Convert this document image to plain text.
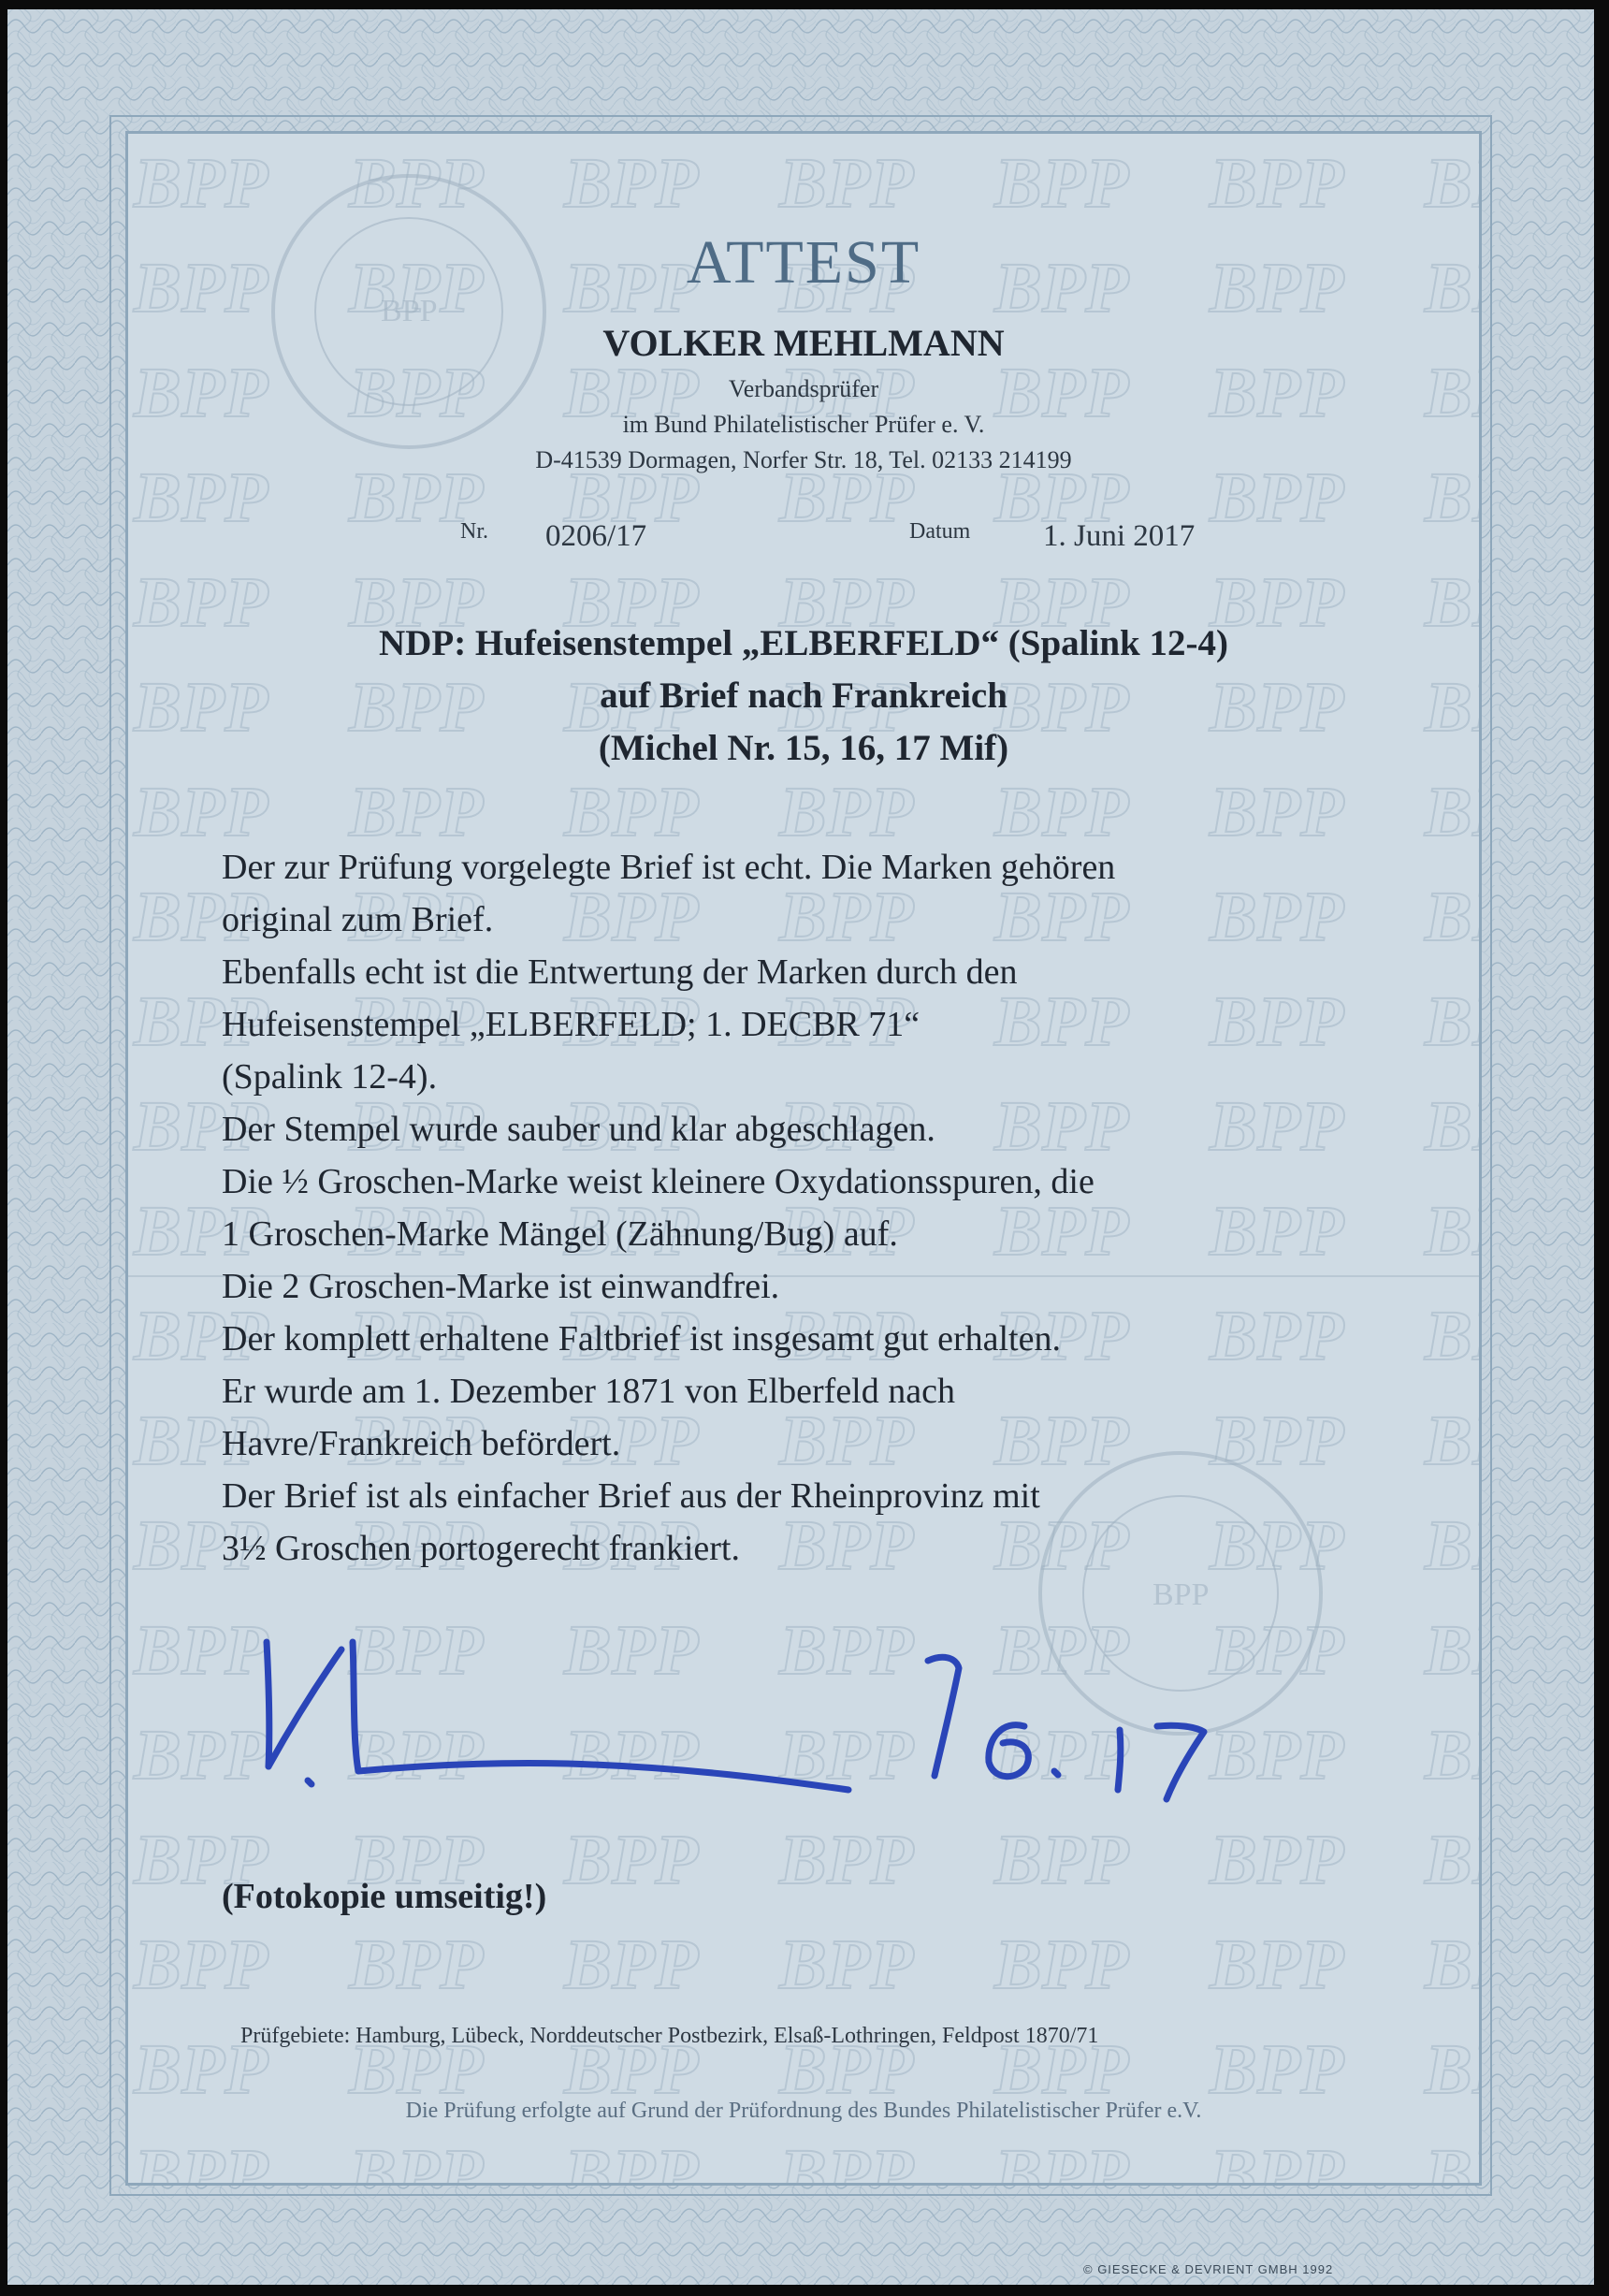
BPP
BPP
ATTEST
VOLKER MEHLMANN
Verbandsprüfer
im Bund Philatelistischer Prüfer e. V.
D-41539 Dormagen, Norfer Str. 18, Tel. 02133 214199
Nr. 0206/17	Datum 1. Juni 2017
NDP: Hufeisenstempel „ELBERFELD“ (Spalink 12-4)
auf Brief nach Frankreich
(Michel Nr. 15, 16, 17 Mif)
Der zur Prüfung vorgelegte Brief ist echt. Die Marken gehören
original zum Brief.
Ebenfalls echt ist die Entwertung der Marken durch den
Hufeisenstempel „ELBERFELD; 1. DECBR 71“
(Spalink 12-4).
Der Stempel wurde sauber und klar abgeschlagen.
Die ½ Groschen-Marke weist kleinere Oxydationsspuren, die
1 Groschen-Marke Mängel (Zähnung/Bug) auf.
Die 2 Groschen-Marke ist einwandfrei.
Der komplett erhaltene Faltbrief ist insgesamt gut erhalten.
Er wurde am 1. Dezember 1871 von Elberfeld nach
Havre/Frankreich befördert.
Der Brief ist als einfacher Brief aus der Rheinprovinz mit
3½ Groschen portogerecht frankiert.
(Fotokopie umseitig!)
Prüfgebiete: Hamburg, Lübeck, Norddeutscher Postbezirk, Elsaß-Lothringen, Feldpost 1870/71
Die Prüfung erfolgte auf Grund der Prüfordnung des Bundes Philatelistischer Prüfer e.V.
© GIESECKE & DEVRIENT GMBH 1992
